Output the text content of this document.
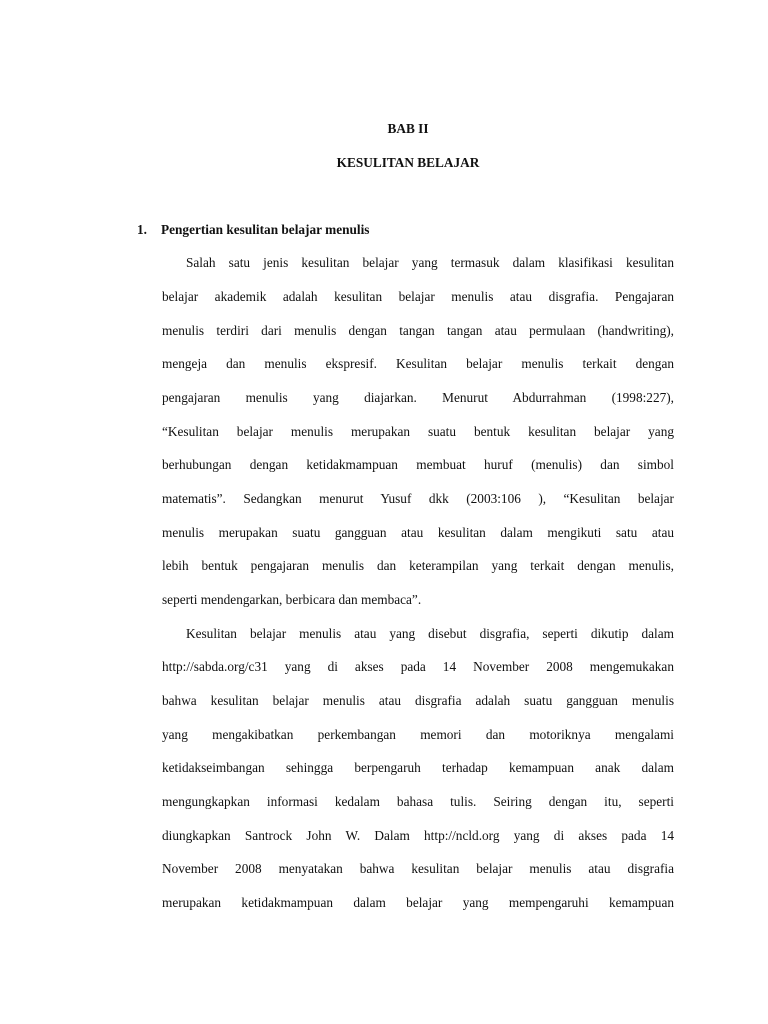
BAB II

KESULITAN BELAJAR

1. Pengertian kesulitan belajar menulis

Salah satu jenis kesulitan belajar yang termasuk dalam klasifikasi kesulitan
belajar akademik adalah kesulitan belajar menulis atau disgrafia. Pengajaran
menulis terdiri dari menulis dengan tangan tangan atau permulaan (handwriting),
mengeja dan menulis ekspresif. Kesulitan belajar menulis terkait dengan
pengajaran menulis yang diajarkan. Menurut Abdurrahman (1998:227),
“Kesulitan belajar menulis merupakan suatu bentuk kesulitan belajar yang
berhubungan dengan ketidakmampuan membuat huruf (menulis) dan simbol
matematis”. Sedangkan menurut Yusuf dkk (2003:106 ), “Kesulitan belajar
menulis merupakan suatu gangguan atau kesulitan dalam mengikuti satu atau
lebih bentuk pengajaran menulis dan keterampilan yang terkait dengan menulis,
seperti mendengarkan, berbicara dan membaca”.
Kesulitan belajar menulis atau yang disebut disgrafia, seperti dikutip dalam
http://sabda.org/c31 yang di akses pada 14 November 2008 mengemukakan
bahwa kesulitan belajar menulis atau disgrafia adalah suatu gangguan menulis
yang mengakibatkan perkembangan memori dan motoriknya mengalami
ketidakseimbangan sehingga berpengaruh terhadap kemampuan anak dalam
mengungkapkan informasi kedalam bahasa tulis. Seiring dengan itu, seperti
diungkapkan Santrock John W. Dalam http://ncld.org yang di akses pada 14
November 2008 menyatakan bahwa kesulitan belajar menulis atau disgrafia
merupakan ketidakmampuan dalam belajar yang mempengaruhi kemampuan
